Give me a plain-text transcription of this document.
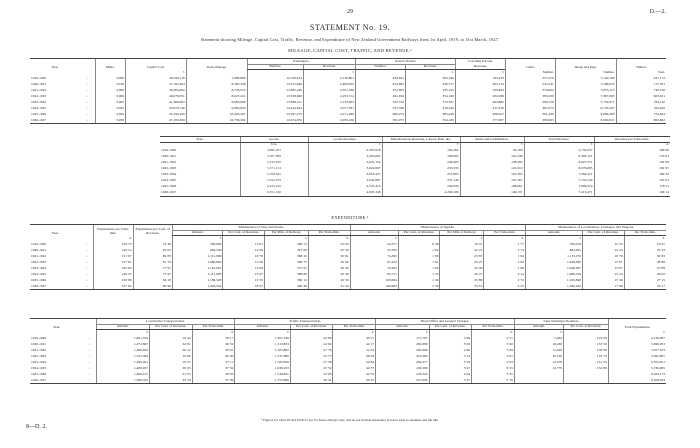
29	D.—2.
STATEMENT No. 19.
Statement showing Mileage, Capital Cost, Traffic, Revenue, and Expenditure of New Zealand Government Railways from 1st April, 1919, to 31st March, 1927.
MILEAGE, CAPITAL COST, TRAFFIC, AND REVENUE.¹
Year.		Miles.	Capital Cost.	Train-mileage.	Passengers.		Season Tickets.		Coaching Parcels.	Cattle.	Sheep and Pigs.	Timber.
					Number.	Revenue.	Number.	Revenue.	Revenue.			
			£			£		£	£	Number.	Number.	Tons.
1919-1920	..	3,006	36,290,118	7,808,808	12,726,914	2,136,801	439,631	303,196	193,453	557,276	7,120,106	631,172
1920-1921	..	3,018	37,195,494	8,365,339	13,315,646	2,409,952	454,881	336,717	203,154	532,241	7,188,655	717,781
1921-1922	..	3,006	38,305,082	8,733,010	13,385,440	2,351,538	473,603	335,194	199,464	379,064	7,055,115	736,156
1922-1923	..	3,006	40,078,331	8,627,221	13,558,668	2,255,714	491,634	354,166	202,098	385,030	7,367,903	663,021
1923-1924	..	3,005	41,366,963	8,985,009	13,838,211	2,133,903	522,744	313,761	404,882	390,158	7,752,971	784,110
1924-1925	..	3,045	43,870,740	9,865,633	14,424,844	2,077,831	537,338	319,240	417,616	361,073	8,135,597	784,456
1925-1926	..	3,045	45,334,169	10,263,407	13,597,273	2,271,499	606,273	365,249	408,027	391,449	9,086,363	770,624
1926-1927	..	3,058	47,195,369	10,739,504	12,974,076	2,035,160	595,075	354,169	377,097	383,063	8,560,911	693,662
Year.	Goods.	Goods Revenue.	Miscellaneous Revenue, Labour, Rent, &c.	Rents and Commission.	Total Revenue.	Revenue per Train-mile.
	Tons.	£	£	£	£	d.
1919-1920	4,880,281	2,587,878	162,262	56,109	5,732,037	166·00
1920-1921	5,387,899	3,265,005	196,965	161,236	6,393,121	176·01
1921-1922	5,232,956	3,631,152	246,405	158,383	6,627,371	182·09
1922-1923	5,371,154	3,624,897	235,533	122,519	6,976,685	184·97
1923-1924	5,708,945	3,819,437	251,893	191,395	7,264,471	189·45
1924-1925	5,943,079	3,632,887	237,149	107,367	7,152,534	187·01
1925-1926	6,432,256	4,722,413	244,830	168,861	7,686,374	178·11
1926-1927	6,351,196	4,825,348	4,296,196	140,137	7,413,471	166·14
EXPENDITURE.¹
Year.		Expenditure per Train-mile.	Expenditure per Cent. of Revenue.	Maintenance of Way and Works.				Maintenance of Signals.				Maintenance of Locomotives, Carriages, and Wagons.		
				Amount.	Per Cent. of Revenue.	Per Mile of Railway.	Per Train-mile.	Amount.	Per Cent. of Revenue.	Per Mile of Railway.	Per Train-mile.	Amount.	Per Cent. of Revenue.	Per Train-mile.
		d.		£		£	d.	£		£	d.	£		d.
1919-1920	..	129·73	74·36	780,683	13·61	260·72	22·03	24,377	0·48	18·21	1·77	708,478	12·35	18·47
1920-1921	..	142·14	81·02	964,340	14·58	327·06	25·30	32,583	1·02	22·21	1·73	884,261	14·23	25·33
1921-1922	..	151·87	80·83	1,111,800	16·76	368·45	30·61	74,365	1·09	23·87	1·04	1,113,270	16·78	30·63
1922-1923	..	157·61	81·79	1,080,862	15·49	359·75	30·09	67,433	1·01	20·27	1·94	1,048,380	15·01	28·88
1923-1924	..	165·85	77·97	1,161,061	15·99	375·97	30·40	70,203	1·02	22·29	1·98	1,048,567	15·07	27·89
1924-1925	..	146·27	77·97	1,111,083	15·67	369·86	26·40	85,711	1·23	26·27	2·14	1,068,316	15·24	26·02
1925-1926	..	156·08	84·18	1,186,328	15·70	382·14	26·59	109,064	1·46	35·89	2·72	1,160,848	15·49	27·15
1926-1927	..	157·62	90·96	1,404,324	18·47	460·38	31·34	100,963	1·36	33·10	2·25	1,330,444	17·96	29·17
Year.		Locomotive Transportation.			Traffic Transportation.			Head Office and General Charges.			Lake Wakatipu Steamers.		Total Expenditure.
		Amount.	Per Cent. of Revenue.	Per Train-mile.	Amount.	Per Cent. of Revenue.	Per Train-mile.	Amount.	Per Cent. of Revenue.	Per Train-mile.	Amount.	Per Cent. of Revenue.	
		£		d.	£		d.	£		d.	£		£
1919-1920	..	1,001,319	19·44	30·17	1,301,538	22·69	40·17	171,767	2·99	5·51	7,264	103·09	4,130,007
1920-1921	..	1,272,867	24·81	36·52	1,513,823	24·92	44·17	202,889	3·03	5·90	10,436	133·59	5,699,953
1921-1922	..	1,280,856	20·12	39·01	1,765,882	27·76	51·93	202,990	2·96	5·69	11,328	150·08	5,357,103
1922-1923	..	1,322,364	19·09	40·40	1,737,880	25·75	48·63	216,384	3·14	5·91	10,130	155·73	5,562,807
1923-1924	..	1,395,401	19·55	37·11	1,700,658	27·36	50·84	204,477	3·18	5·63	12,278	161·53	5,702,951
1924-1925	..	1,408,937	20·65	37·52	1,638,103	25·52	44·37	243,560	3·47	6·55	12,779	152·68	5,736,005
1925-1926	..	1,480,127	21·25	38·05	1,746,841	25·93	42·55	223,243	2·94	5·35			6,164,173
1926-1927	..	1,560,352	23·34	37·96	1,755,896	26·41	39·22	227,694	3·47	5·76			6,108,043
¹ Figures for 1925-26 and 1926-27 are for State railways only, and do not include subsidiary services such as steamers and the like.
8—D. 2.
